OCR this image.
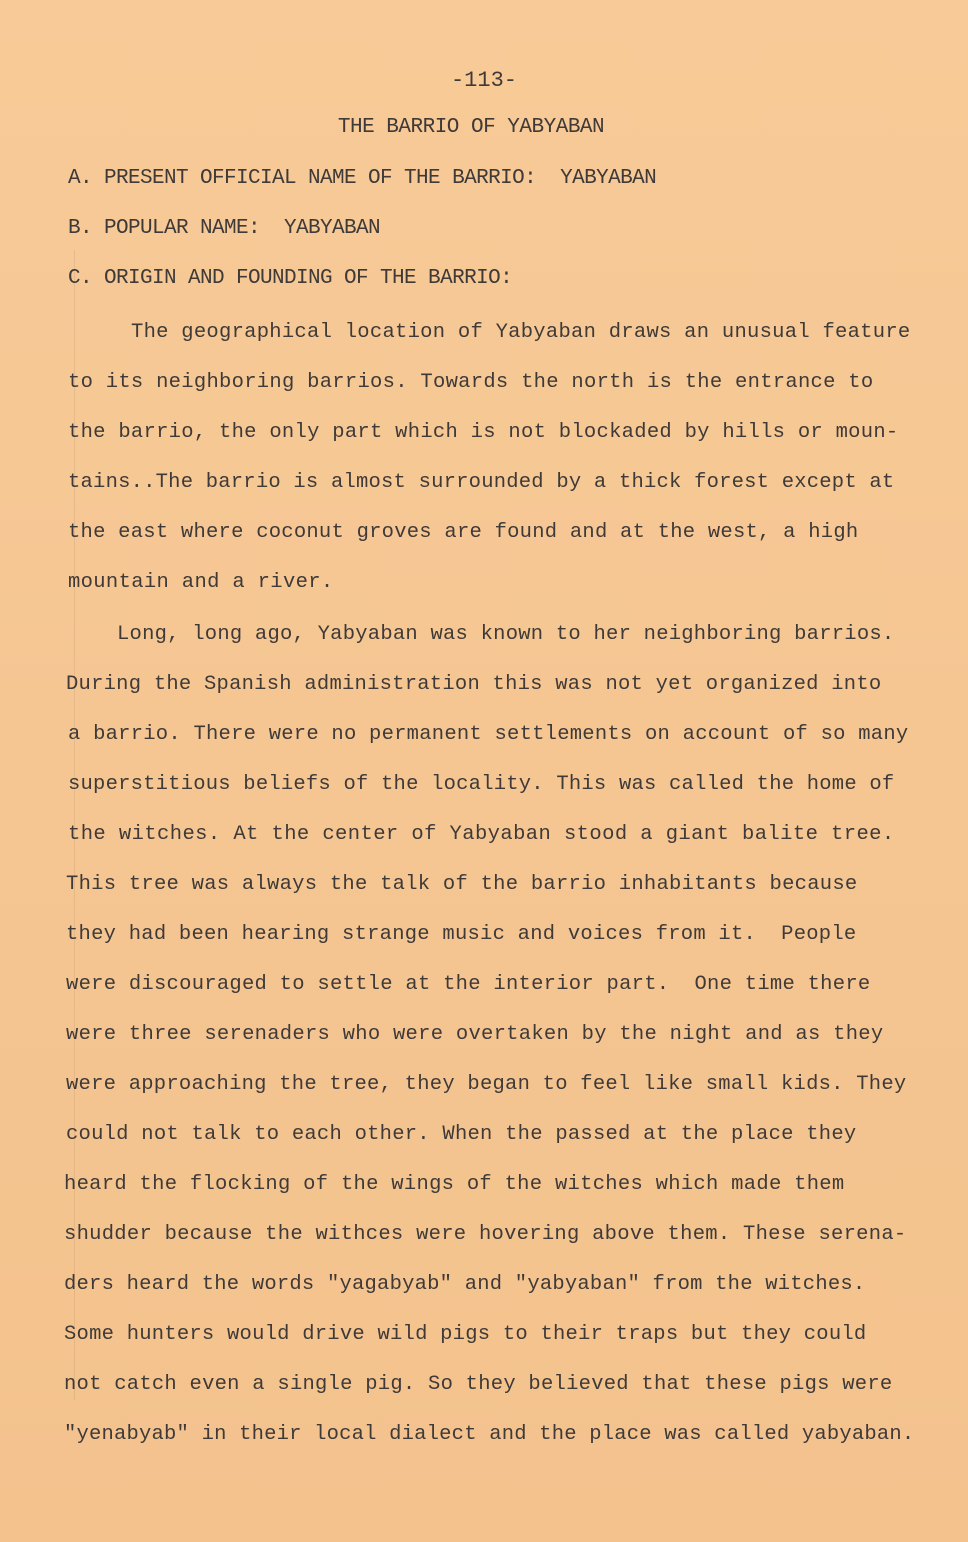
-113-
THE BARRIO OF YABYABAN
A. PRESENT OFFICIAL NAME OF THE BARRIO:  YABYABAN
B. POPULAR NAME:  YABYABAN
C. ORIGIN AND FOUNDING OF THE BARRIO:
The geographical location of Yabyaban draws an unusual feature
to its neighboring barrios. Towards the north is the entrance to
the barrio, the only part which is not blockaded by hills or moun-
tains..The barrio is almost surrounded by a thick forest except at
the east where coconut groves are found and at the west, a high
mountain and a river.
Long, long ago, Yabyaban was known to her neighboring barrios.
During the Spanish administration this was not yet organized into
a barrio. There were no permanent settlements on account of so many
superstitious beliefs of the locality. This was called the home of
the witches. At the center of Yabyaban stood a giant balite tree.
This tree was always the talk of the barrio inhabitants because
they had been hearing strange music and voices from it.  People
were discouraged to settle at the interior part.  One time there
were three serenaders who were overtaken by the night and as they
were approaching the tree, they began to feel like small kids. They
could not talk to each other. When the passed at the place they
heard the flocking of the wings of the witches which made them
shudder because the withces were hovering above them. These serena-
ders heard the words "yagabyab" and "yabyaban" from the witches.
Some hunters would drive wild pigs to their traps but they could
not catch even a single pig. So they believed that these pigs were
"yenabyab" in their local dialect and the place was called yabyaban.
